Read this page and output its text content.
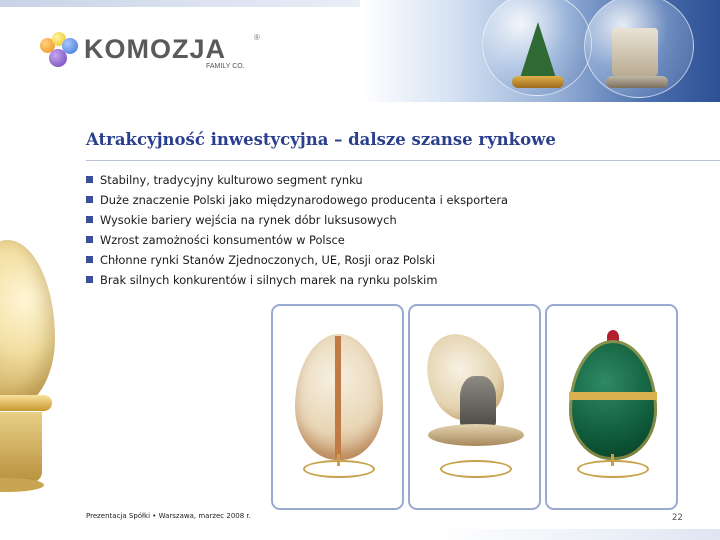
KOMOZJA	®
FAMILY CO.
Atrakcyjność inwestycyjna – dalsze szanse rynkowe
Stabilny, tradycyjny kulturowo segment rynku
Duże znaczenie Polski jako międzynarodowego producenta i eksportera
Wysokie bariery wejścia na rynek dóbr luksusowych
Wzrost zamożności konsumentów w Polsce
Chłonne rynki Stanów Zjednoczonych, UE, Rosji oraz Polski
Brak silnych konkurentów i silnych marek na rynku polskim
Prezentacja Spółki • Warszawa, marzec 2008 r.	22
